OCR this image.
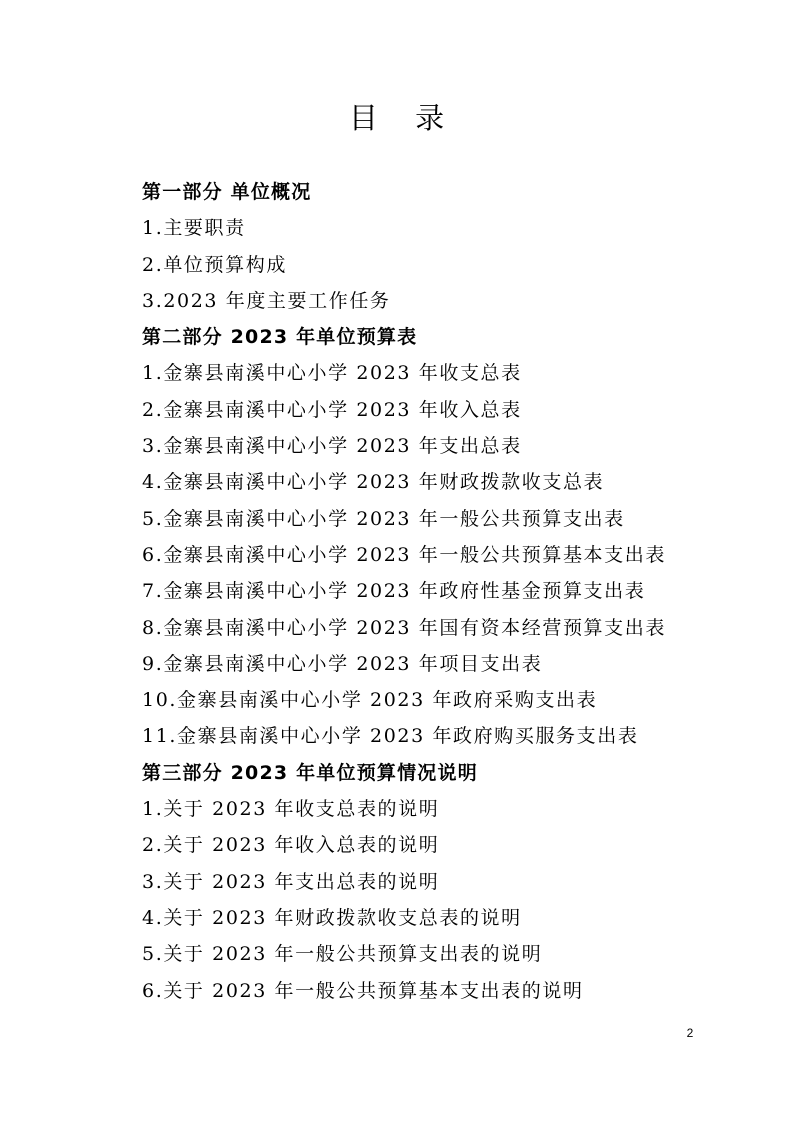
目 录
第一部分 单位概况
1.主要职责
2.单位预算构成
3.2023 年度主要工作任务
第二部分 2023 年单位预算表
1.金寨县南溪中心小学 2023 年收支总表
2.金寨县南溪中心小学 2023 年收入总表
3.金寨县南溪中心小学 2023 年支出总表
4.金寨县南溪中心小学 2023 年财政拨款收支总表
5.金寨县南溪中心小学 2023 年一般公共预算支出表
6.金寨县南溪中心小学 2023 年一般公共预算基本支出表
7.金寨县南溪中心小学 2023 年政府性基金预算支出表
8.金寨县南溪中心小学 2023 年国有资本经营预算支出表
9.金寨县南溪中心小学 2023 年项目支出表
10.金寨县南溪中心小学 2023 年政府采购支出表
11.金寨县南溪中心小学 2023 年政府购买服务支出表
第三部分 2023 年单位预算情况说明
1.关于 2023 年收支总表的说明
2.关于 2023 年收入总表的说明
3.关于 2023 年支出总表的说明
4.关于 2023 年财政拨款收支总表的说明
5.关于 2023 年一般公共预算支出表的说明
6.关于 2023 年一般公共预算基本支出表的说明
2
